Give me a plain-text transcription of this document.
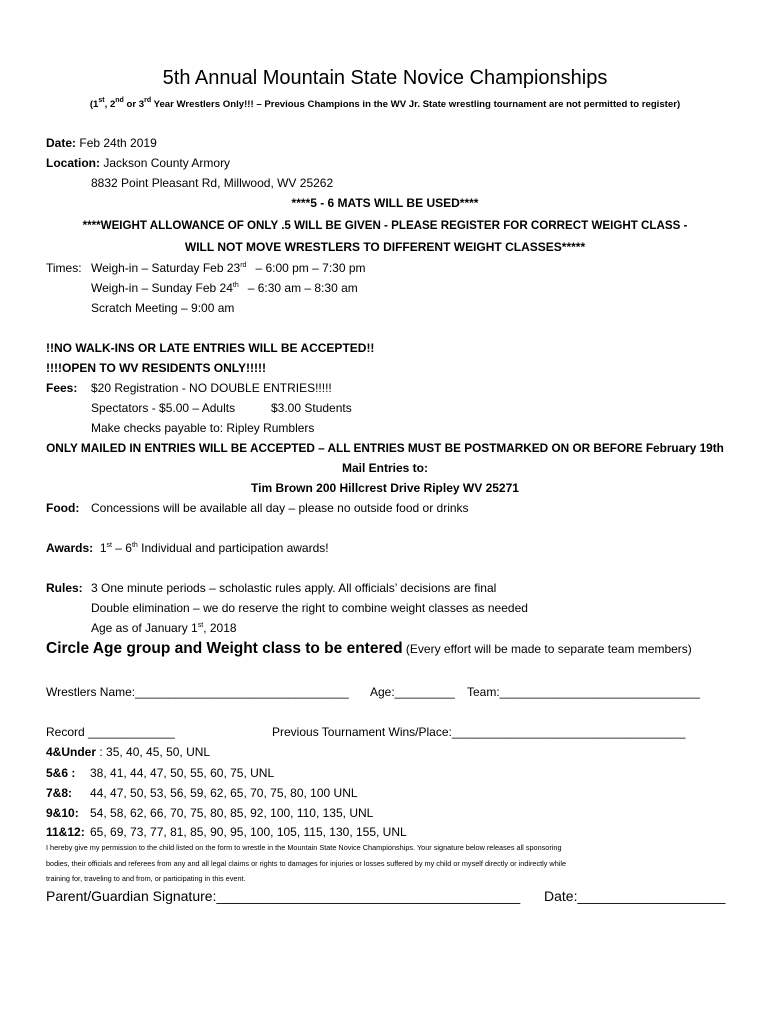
5th Annual Mountain State Novice Championships
(1st, 2nd or 3rd Year Wrestlers Only!!! – Previous Champions in the WV Jr. State wrestling tournament are not permitted to register)
Date: Feb 24th 2019
Location: Jackson County Armory
8832 Point Pleasant Rd, Millwood, WV 25262
****5 - 6 MATS WILL BE USED****
****WEIGHT ALLOWANCE OF ONLY .5 WILL BE GIVEN - PLEASE REGISTER FOR CORRECT WEIGHT CLASS -
WILL NOT MOVE WRESTLERS TO DIFFERENT WEIGHT CLASSES*****
Times: Weigh-in – Saturday Feb 23rd – 6:00 pm – 7:30 pm
Weigh-in – Sunday Feb 24th – 6:30 am – 8:30 am
Scratch Meeting – 9:00 am
!!NO WALK-INS OR LATE ENTRIES WILL BE ACCEPTED!!
!!!!OPEN TO WV RESIDENTS ONLY!!!!!
Fees: $20 Registration - NO DOUBLE ENTRIES!!!!!
Spectators - $5.00 – Adults	$3.00 Students
Make checks payable to: Ripley Rumblers
ONLY MAILED IN ENTRIES WILL BE ACCEPTED – ALL ENTRIES MUST BE POSTMARKED ON OR BEFORE February 19th
Mail Entries to:
Tim Brown 200 Hillcrest Drive Ripley WV 25271
Food: Concessions will be available all day – please no outside food or drinks
Awards: 1st – 6th Individual and participation awards!
Rules: 3 One minute periods – scholastic rules apply. All officials’ decisions are final
Double elimination – we do reserve the right to combine weight classes as needed
Age as of January 1st, 2018
Circle Age group and Weight class to be entered (Every effort will be made to separate team members)
Wrestlers Name:________________________________ Age:_________ Team:______________________________
Record _____________	Previous Tournament Wins/Place:___________________________________
4&Under : 35, 40, 45, 50, UNL
5&6 : 38, 41, 44, 47, 50, 55, 60, 75, UNL
7&8: 44, 47, 50, 53, 56, 59, 62, 65, 70, 75, 80, 100 UNL
9&10: 54, 58, 62, 66, 70, 75, 80, 85, 92, 100, 110, 135, UNL
11&12: 65, 69, 73, 77, 81, 85, 90, 95, 100, 105, 115, 130, 155, UNL
I hereby give my permission to the child listed on the form to wrestle in the Mountain State Novice Championships. Your signature below releases all sponsoring
bodies, their officials and referees from any and all legal claims or rights to damages for injuries or losses suffered by my child or myself directly or indirectly while
training for, traveling to and from, or participating in this event.
Parent/Guardian Signature:_______________________________________ Date:___________________
